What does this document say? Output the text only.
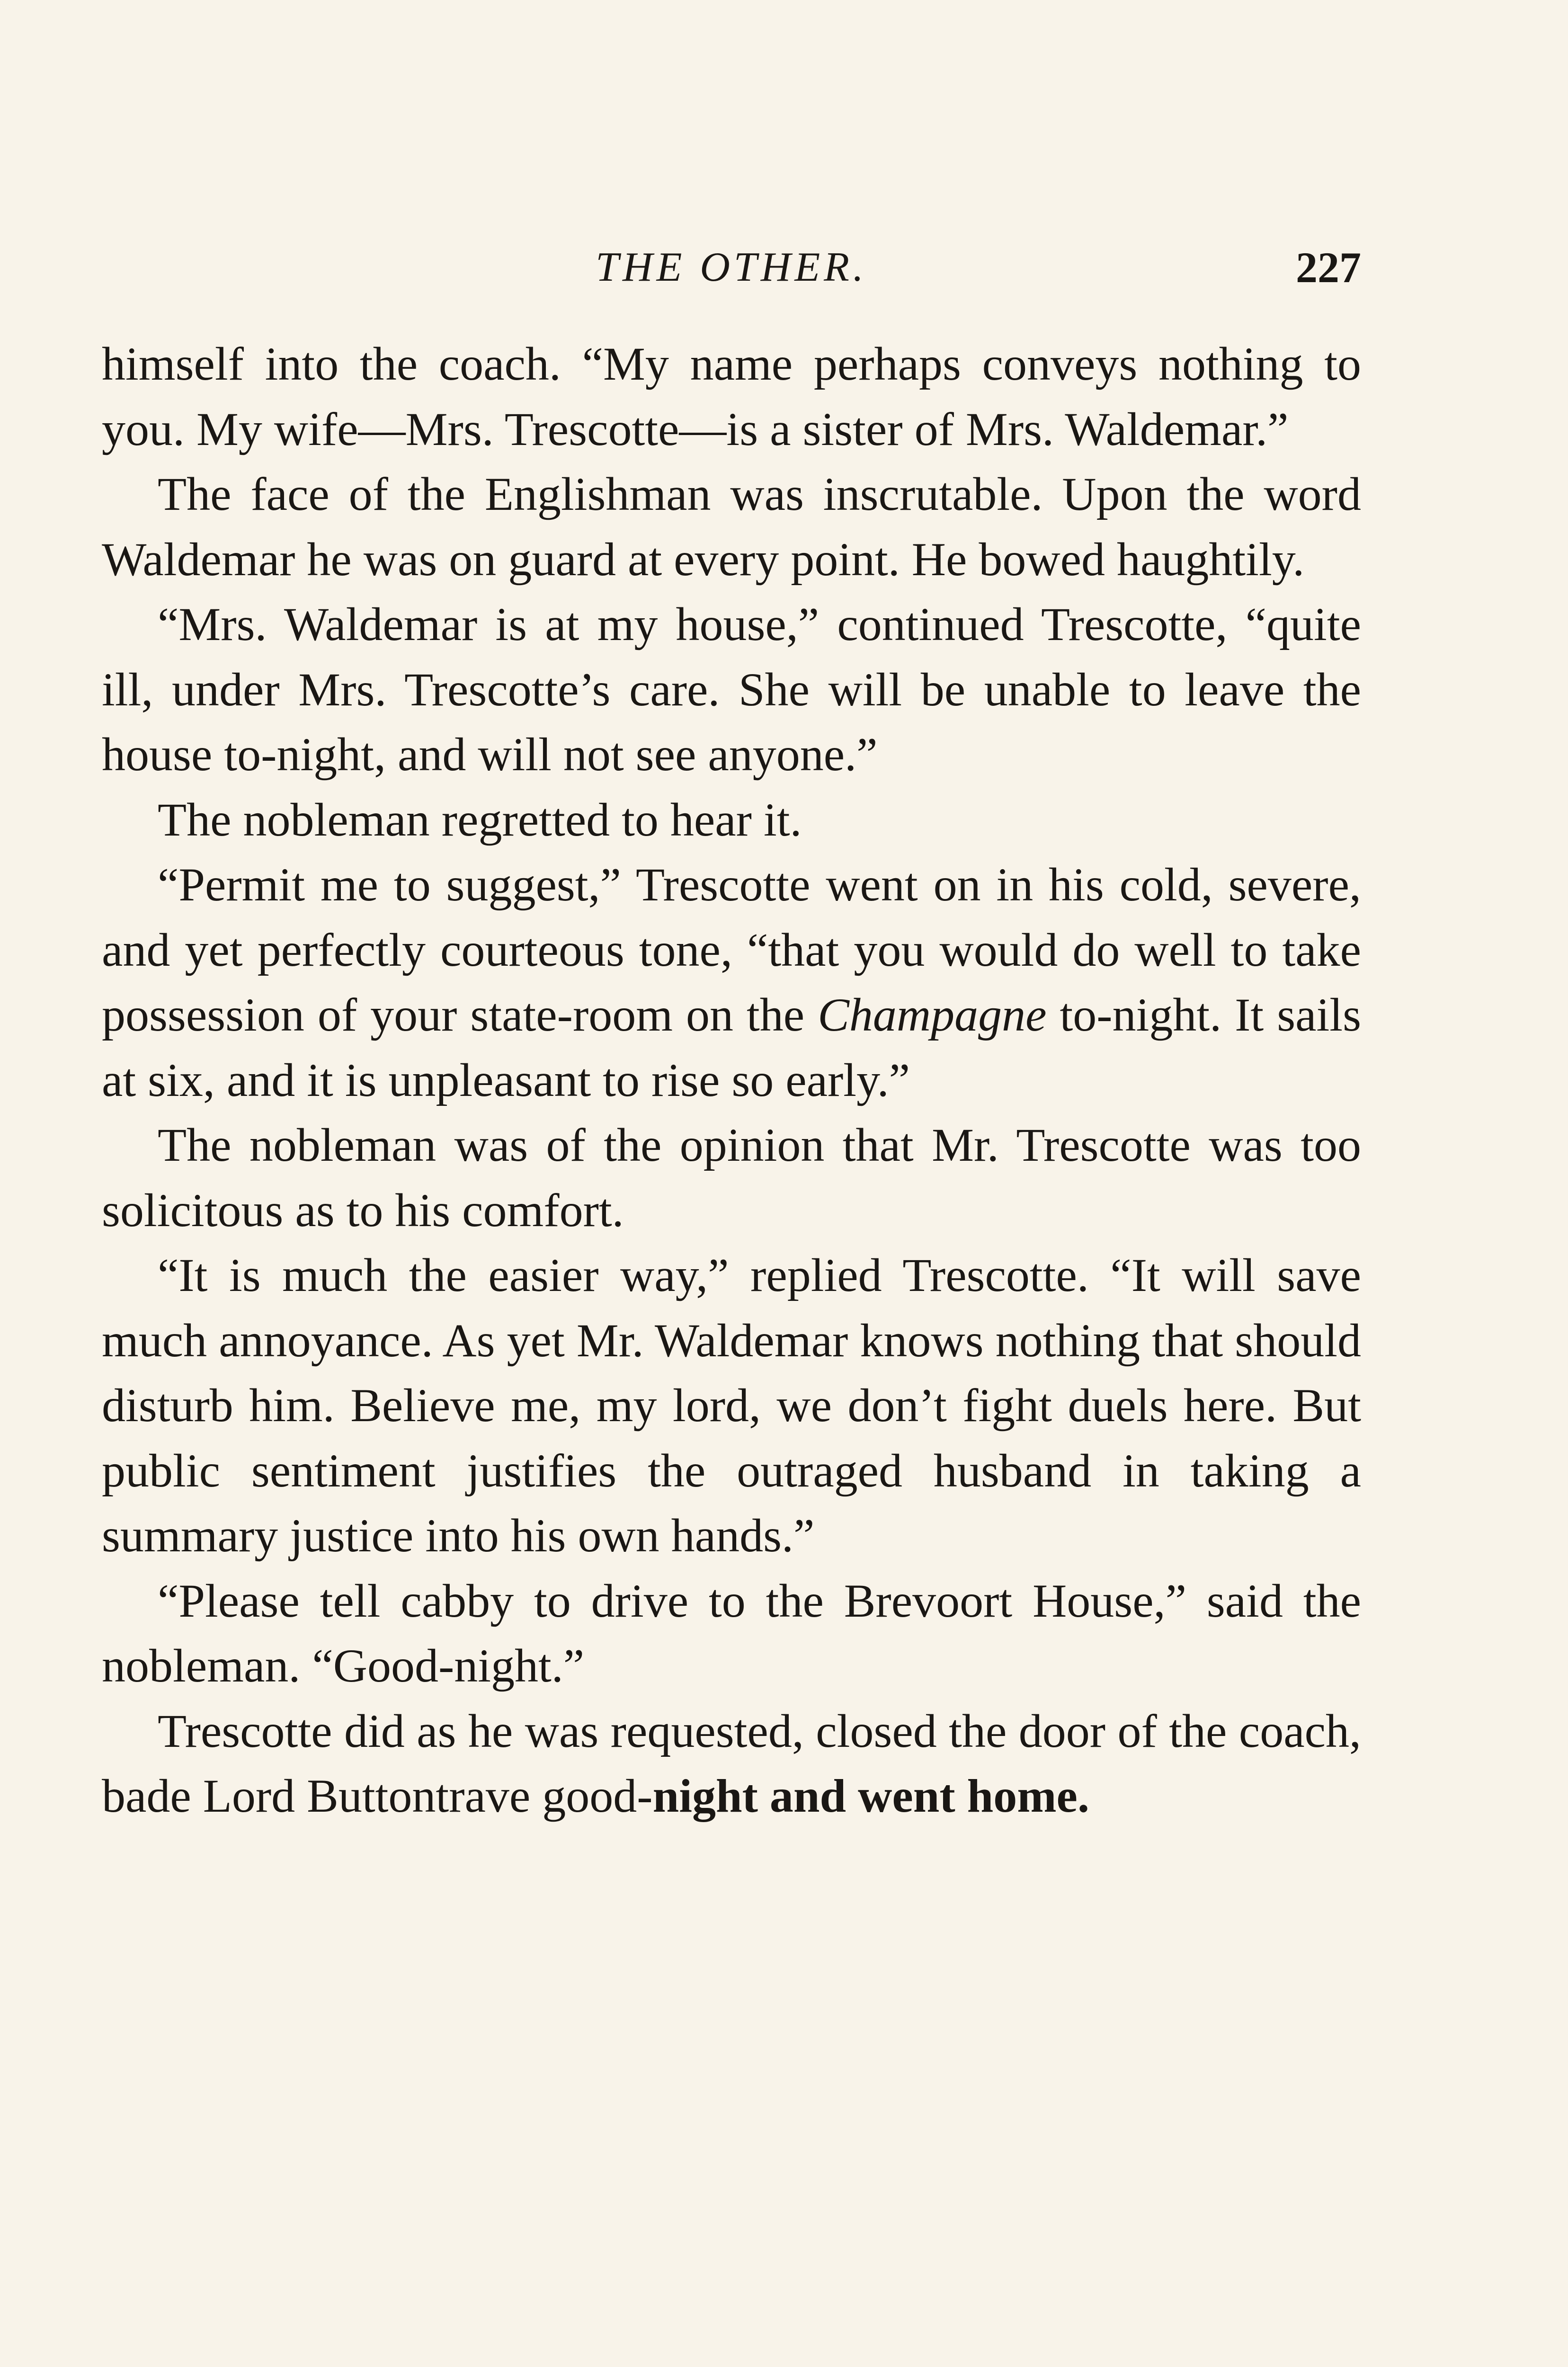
THE OTHER.	227

himself into the coach. “My name perhaps conveys nothing to you. My wife—Mrs. Trescotte—is a sister of Mrs. Waldemar.”

The face of the Englishman was inscrutable. Upon the word Waldemar he was on guard at every point. He bowed haughtily.

“Mrs. Waldemar is at my house,” continued Trescotte, “quite ill, under Mrs. Trescotte’s care. She will be unable to leave the house to-night, and will not see anyone.”

The nobleman regretted to hear it.

“Permit me to suggest,” Trescotte went on in his cold, severe, and yet perfectly courteous tone, “that you would do well to take possession of your state-room on the Champagne to-night. It sails at six, and it is unpleasant to rise so early.”

The nobleman was of the opinion that Mr. Trescotte was too solicitous as to his comfort.

“It is much the easier way,” replied Trescotte. “It will save much annoyance. As yet Mr. Waldemar knows nothing that should disturb him. Believe me, my lord, we don’t fight duels here. But public sentiment justifies the outraged husband in taking a summary justice into his own hands.”

“Please tell cabby to drive to the Brevoort House,” said the nobleman. “Good-night.”

Trescotte did as he was requested, closed the door of the coach, bade Lord Buttontrave good-night and went home.
